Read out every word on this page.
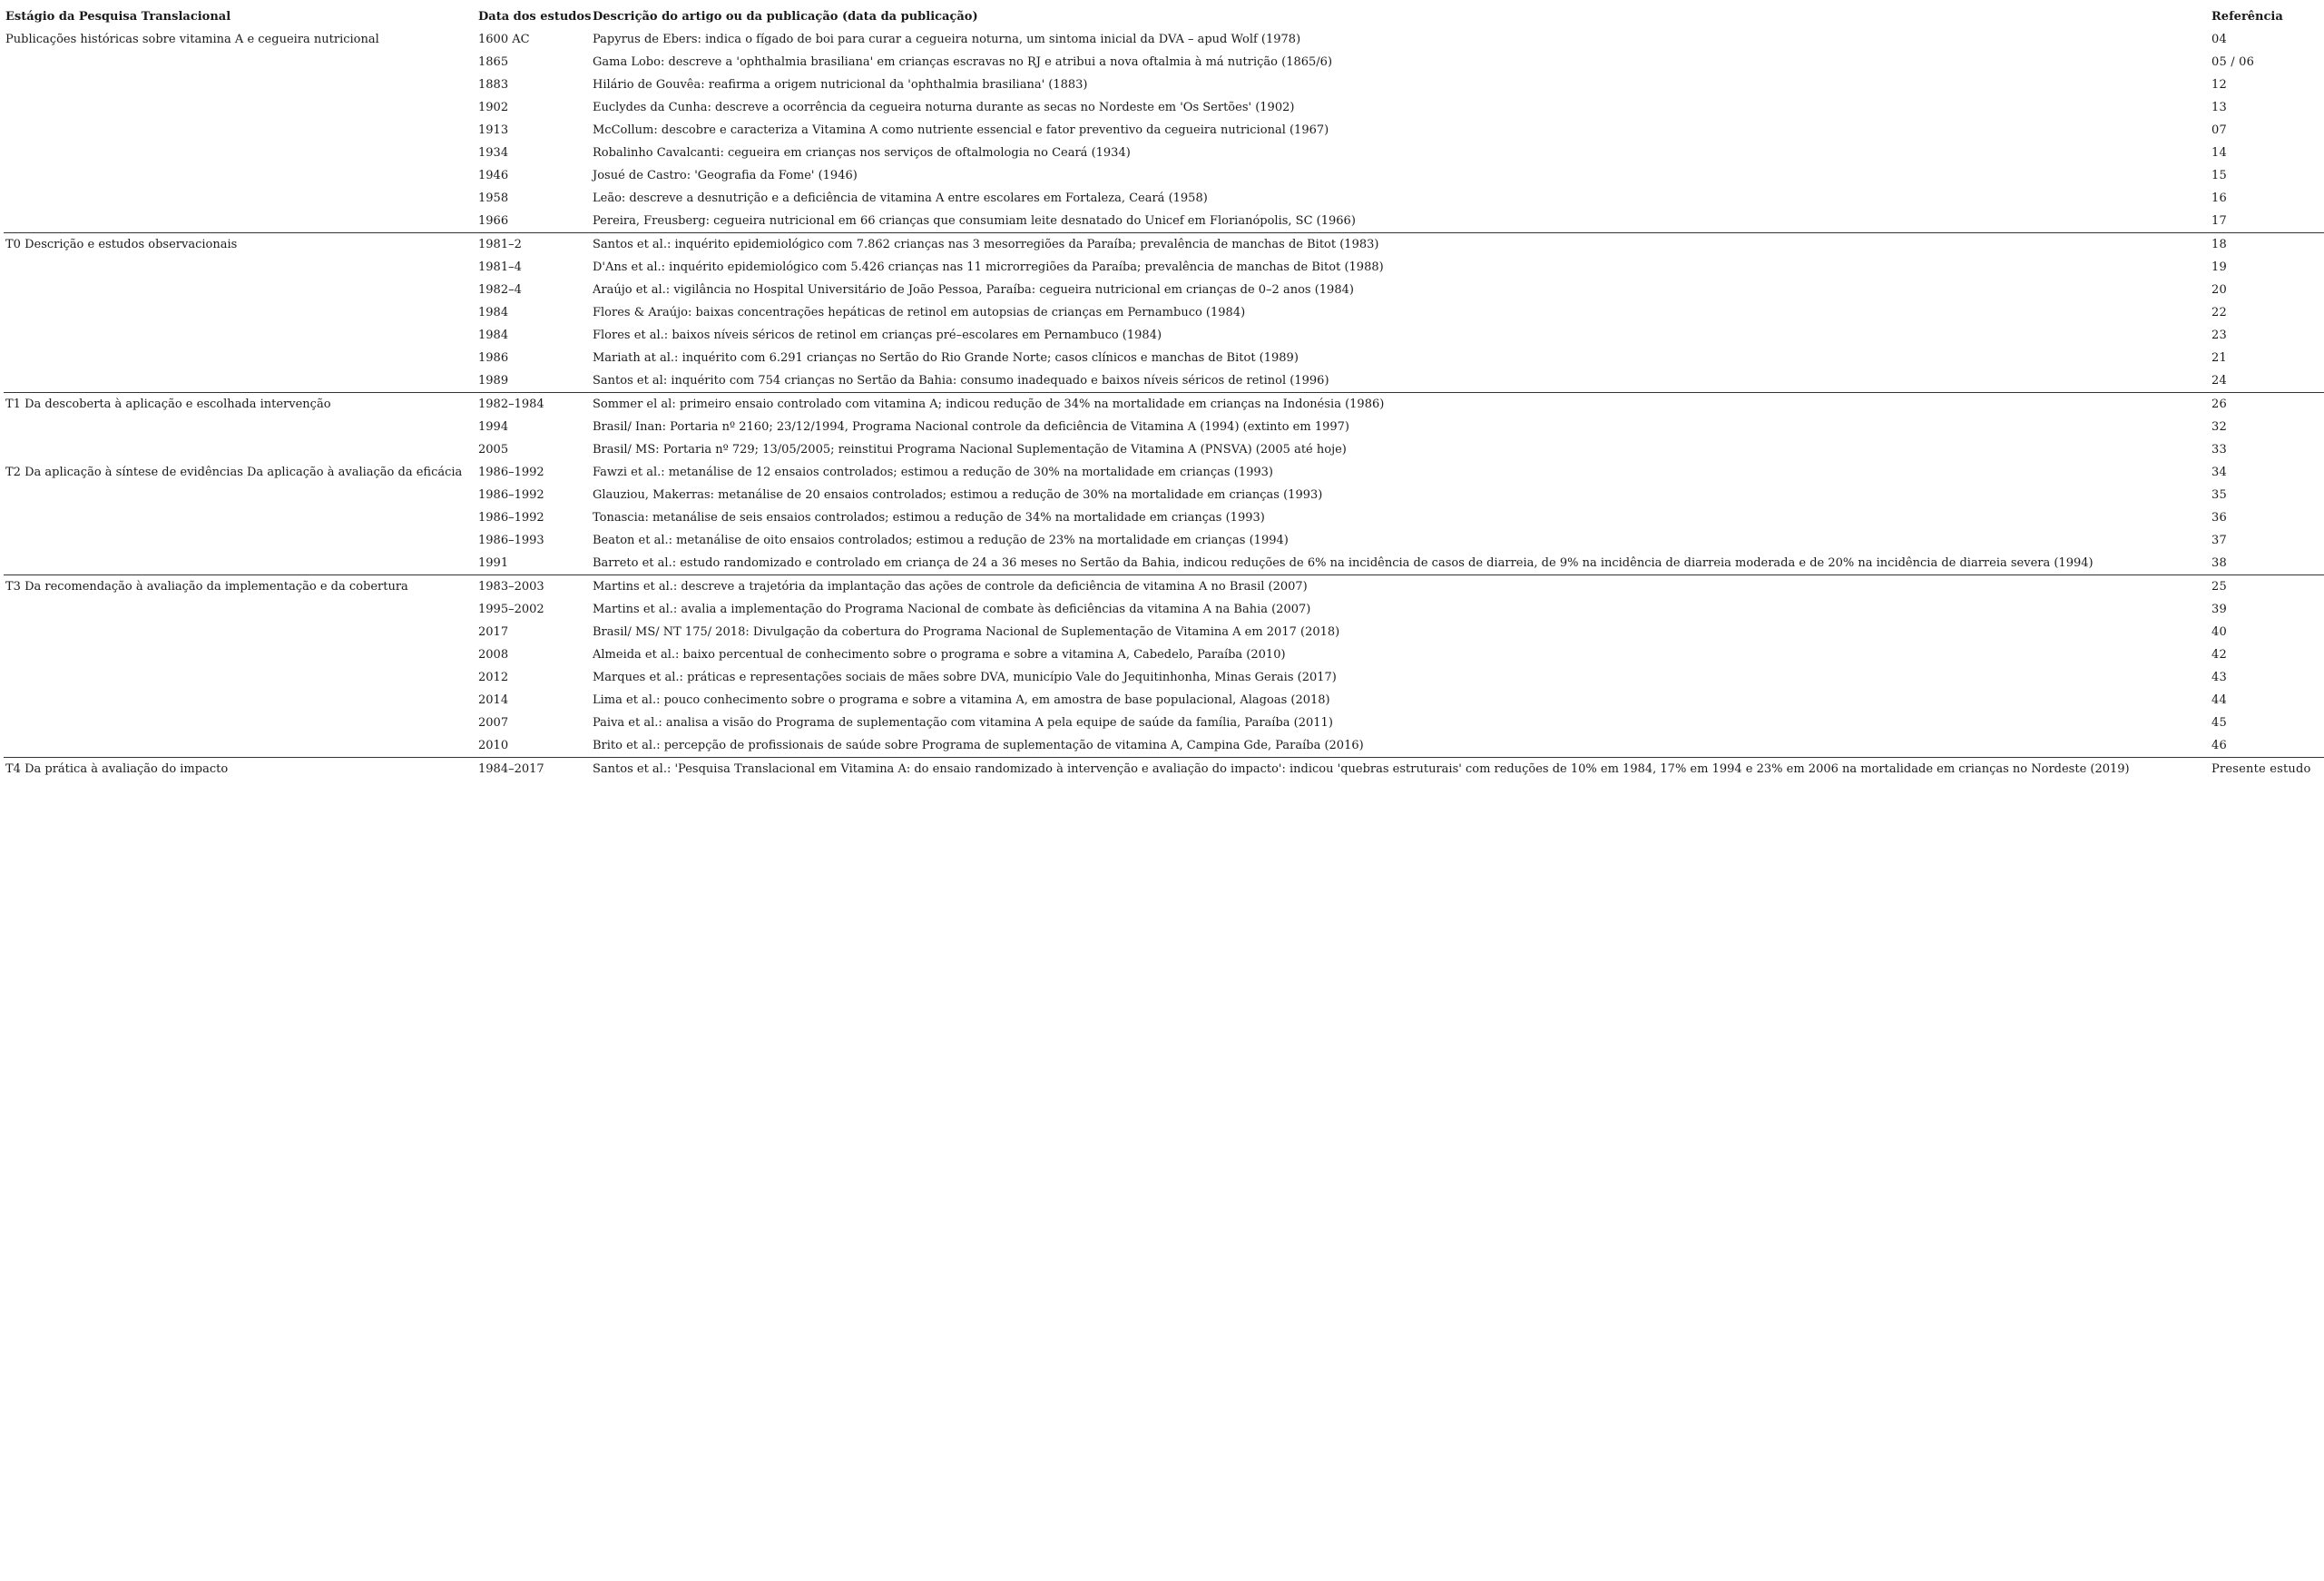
Estágio da Pesquisa Translacional	Data dos estudos	Descrição do artigo ou da publicação (data da publicação)	Referência
Publicações históricas sobre vitamina A e cegueira nutricional	1600 AC	Papyrus de Ebers: indica o fígado de boi para curar a cegueira noturna, um sintoma inicial da DVA – apud Wolf (1978)	04
	1865	Gama Lobo: descreve a 'ophthalmia brasiliana' em crianças escravas no RJ e atribui a nova oftalmia à má nutrição (1865/6)	05 / 06
	1883	Hilário de Gouvêa: reafirma a origem nutricional da 'ophthalmia brasiliana' (1883)	12
	1902	Euclydes da Cunha: descreve a ocorrência da cegueira noturna durante as secas no Nordeste em 'Os Sertões' (1902)	13
	1913	McCollum: descobre e caracteriza a Vitamina A como nutriente essencial e fator preventivo da cegueira nutricional (1967)	07
	1934	Robalinho Cavalcanti: cegueira em crianças nos serviços de oftalmologia no Ceará (1934)	14
	1946	Josué de Castro: 'Geografia da Fome' (1946)	15
	1958	Leão: descreve a desnutrição e a deficiência de vitamina A entre escolares em Fortaleza, Ceará (1958)	16
	1966	Pereira, Freusberg: cegueira nutricional em 66 crianças que consumiam leite desnatado do Unicef em Florianópolis, SC (1966)	17
T0 Descrição e estudos observacionais	1981–2	Santos et al.: inquérito epidemiológico com 7.862 crianças nas 3 mesorregiões da Paraíba; prevalência de manchas de Bitot (1983)	18
	1981–4	D'Ans et al.: inquérito epidemiológico com 5.426 crianças nas 11 microrregiões da Paraíba; prevalência de manchas de Bitot (1988)	19
	1982–4	Araújo et al.: vigilância no Hospital Universitário de João Pessoa, Paraíba: cegueira nutricional em crianças de 0–2 anos (1984)	20
	1984	Flores & Araújo: baixas concentrações hepáticas de retinol em autopsias de crianças em Pernambuco (1984)	22
	1984	Flores et al.: baixos níveis séricos de retinol em crianças pré–escolares em Pernambuco (1984)	23
	1986	Mariath at al.: inquérito com 6.291 crianças no Sertão do Rio Grande Norte; casos clínicos e manchas de Bitot (1989)	21
	1989	Santos et al: inquérito com 754 crianças no Sertão da Bahia: consumo inadequado e baixos níveis séricos de retinol (1996)	24
T1 Da descoberta à aplicação e escolhada intervenção	1982–1984	Sommer el al: primeiro ensaio controlado com vitamina A; indicou redução de 34% na mortalidade em crianças na Indonésia (1986)	26
	1994	Brasil/ Inan: Portaria nº 2160; 23/12/1994, Programa Nacional controle da deficiência de Vitamina A (1994) (extinto em 1997)	32
	2005	Brasil/ MS: Portaria nº 729; 13/05/2005; reinstitui Programa Nacional Suplementação de Vitamina A (PNSVA) (2005 até hoje)	33
T2 Da aplicação à síntese de evidências Da aplicação à avaliação da eficácia	1986–1992	Fawzi et al.: metanálise de 12 ensaios controlados; estimou a redução de 30% na mortalidade em crianças (1993)	34
	1986–1992	Glauziou, Makerras: metanálise de 20 ensaios controlados; estimou a redução de 30% na mortalidade em crianças (1993)	35
	1986–1992	Tonascia: metanálise de seis ensaios controlados; estimou a redução de 34% na mortalidade em crianças (1993)	36
	1986–1993	Beaton et al.: metanálise de oito ensaios controlados; estimou a redução de 23% na mortalidade em crianças (1994)	37
	1991	Barreto et al.: estudo randomizado e controlado em criança de 24 a 36 meses no Sertão da Bahia, indicou reduções de 6% na incidência de casos de diarreia, de 9% na incidência de diarreia moderada e de 20% na incidência de diarreia severa (1994)	38
T3 Da recomendação à avaliação da implementação e da cobertura	1983–2003	Martins et al.: descreve a trajetória da implantação das ações de controle da deficiência de vitamina A no Brasil (2007)	25
	1995–2002	Martins et al.: avalia a implementação do Programa Nacional de combate às deficiências da vitamina A na Bahia (2007)	39
	2017	Brasil/ MS/ NT 175/ 2018: Divulgação da cobertura do Programa Nacional de Suplementação de Vitamina A em 2017 (2018)	40
	2008	Almeida et al.: baixo percentual de conhecimento sobre o programa e sobre a vitamina A, Cabedelo, Paraíba (2010)	42
	2012	Marques et al.: práticas e representações sociais de mães sobre DVA, município Vale do Jequitinhonha, Minas Gerais (2017)	43
	2014	Lima et al.: pouco conhecimento sobre o programa e sobre a vitamina A, em amostra de base populacional, Alagoas (2018)	44
	2007	Paiva et al.: analisa a visão do Programa de suplementação com vitamina A pela equipe de saúde da família, Paraíba (2011)	45
	2010	Brito et al.: percepção de profissionais de saúde sobre Programa de suplementação de vitamina A, Campina Gde, Paraíba (2016)	46
T4 Da prática à avaliação do impacto	1984–2017	Santos et al.: 'Pesquisa Translacional em Vitamina A: do ensaio randomizado à intervenção e avaliação do impacto': indicou 'quebras estruturais' com reduções de 10% em 1984, 17% em 1994 e 23% em 2006 na mortalidade em crianças no Nordeste (2019)	Presente estudo
